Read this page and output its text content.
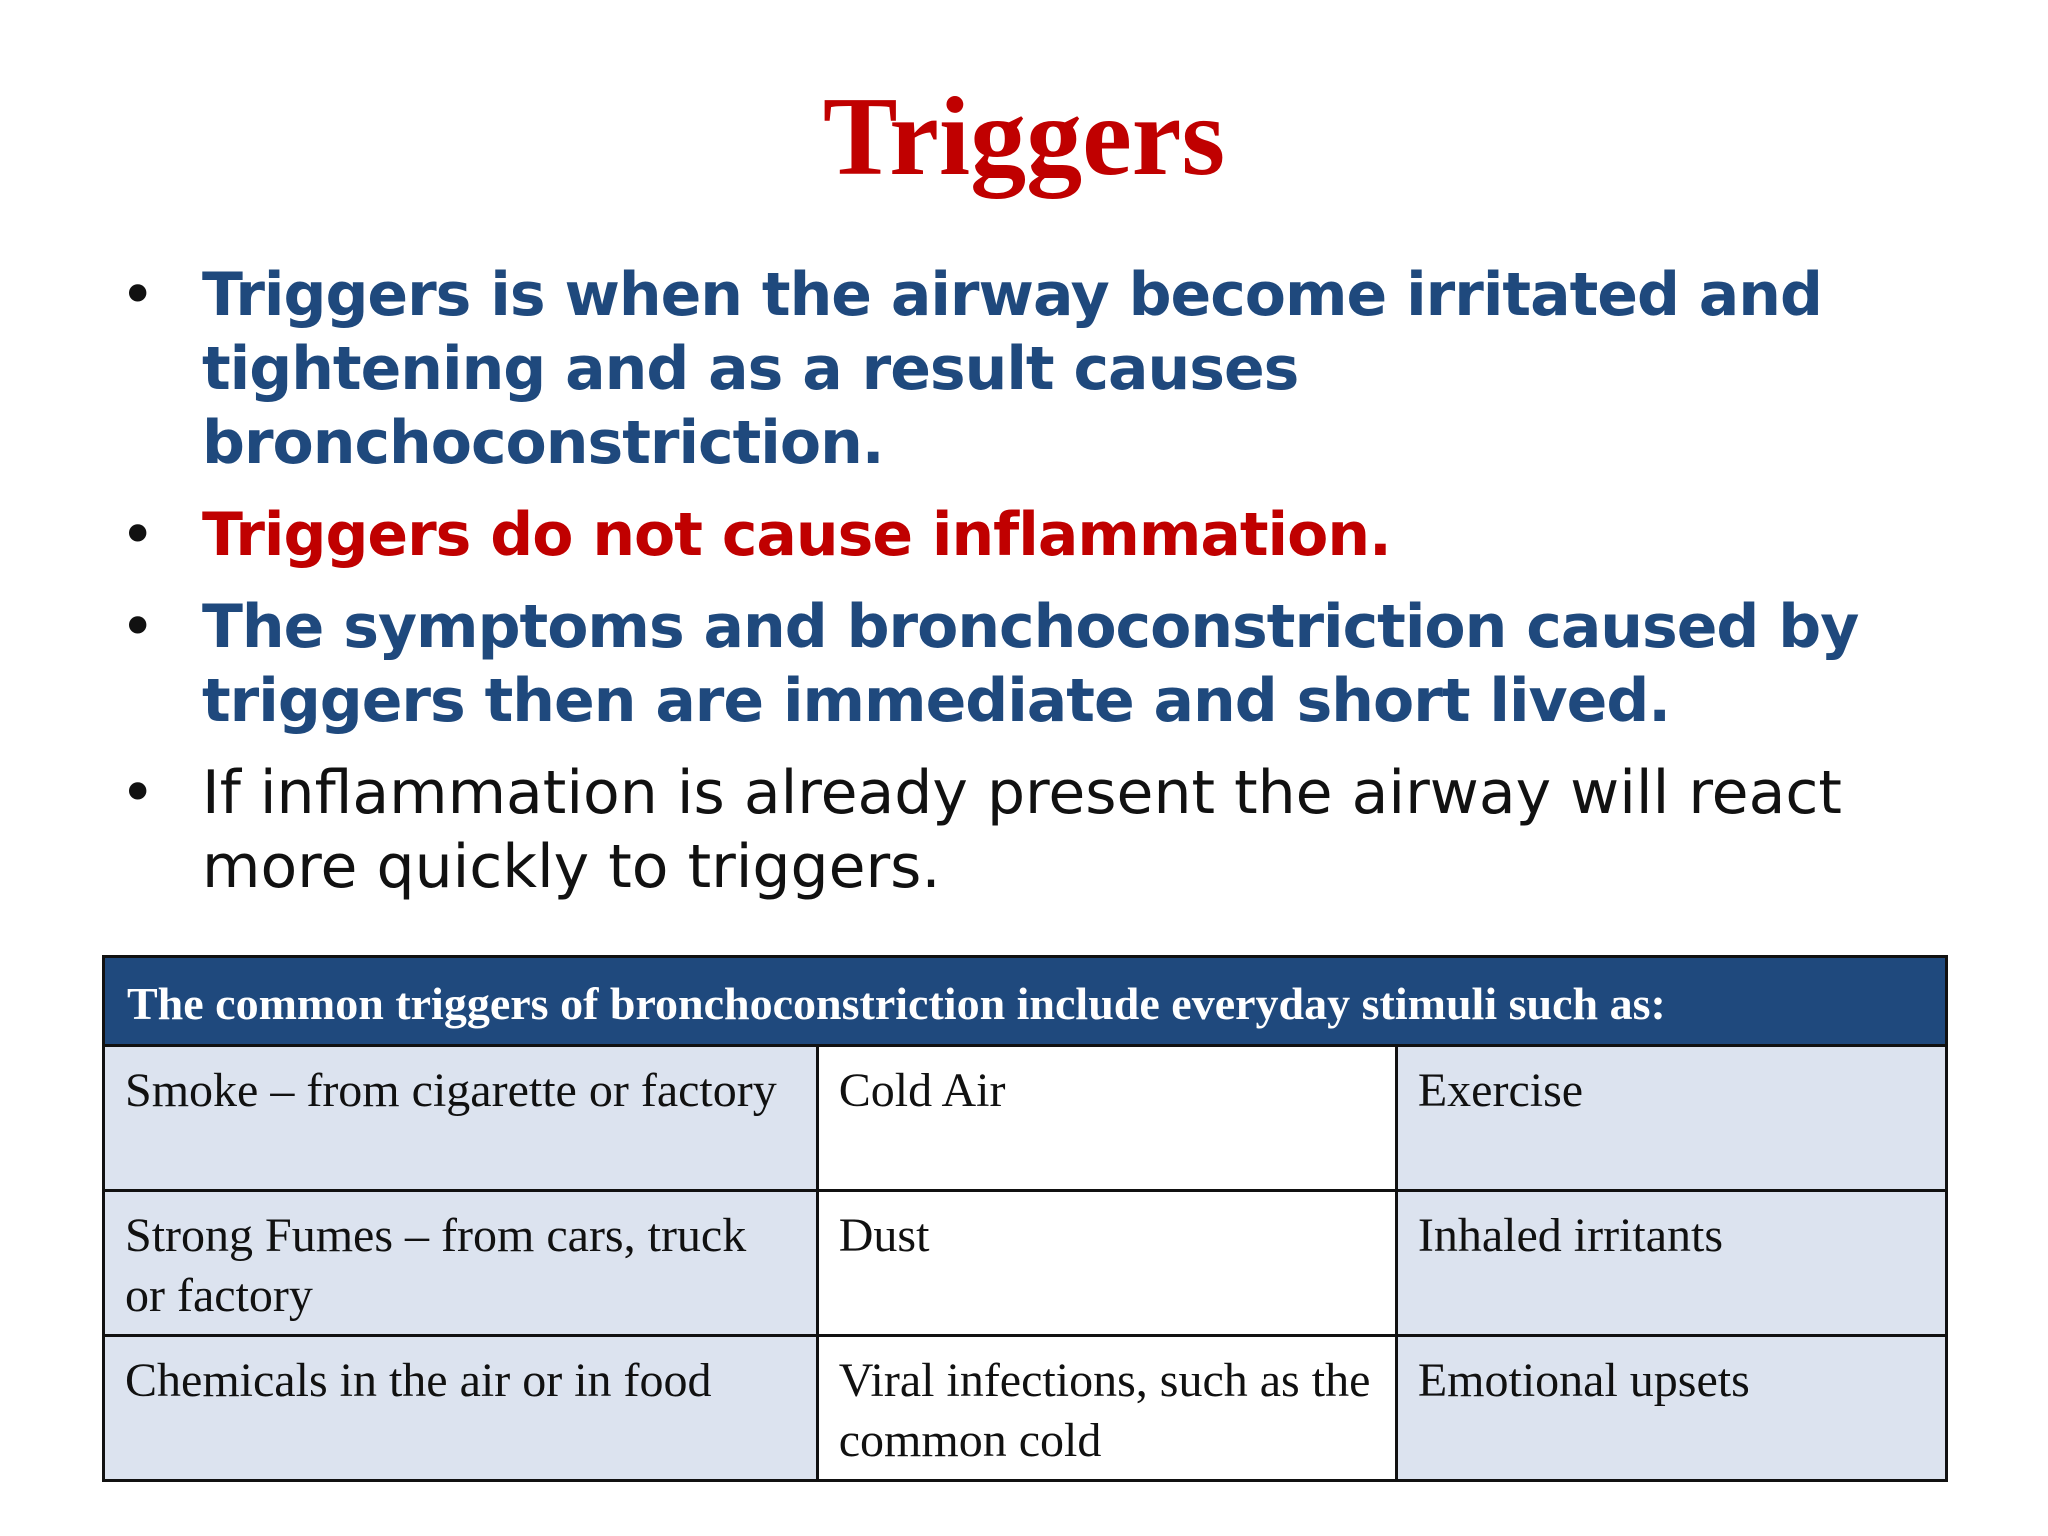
Triggers
• Triggers is when the airway become irritated and tightening and as a result causes bronchoconstriction.
• Triggers do not cause inflammation.
• The symptoms and bronchoconstriction caused by triggers then are immediate and short lived.
• If inflammation is already present the airway will react more quickly to triggers.
The common triggers of bronchoconstriction include everyday stimuli such as:		
Smoke – from cigarette or factory	Cold Air	Exercise
Strong Fumes – from cars, truck or factory	Dust	Inhaled irritants
Chemicals in the air or in food	Viral infections, such as the common cold	Emotional upsets
